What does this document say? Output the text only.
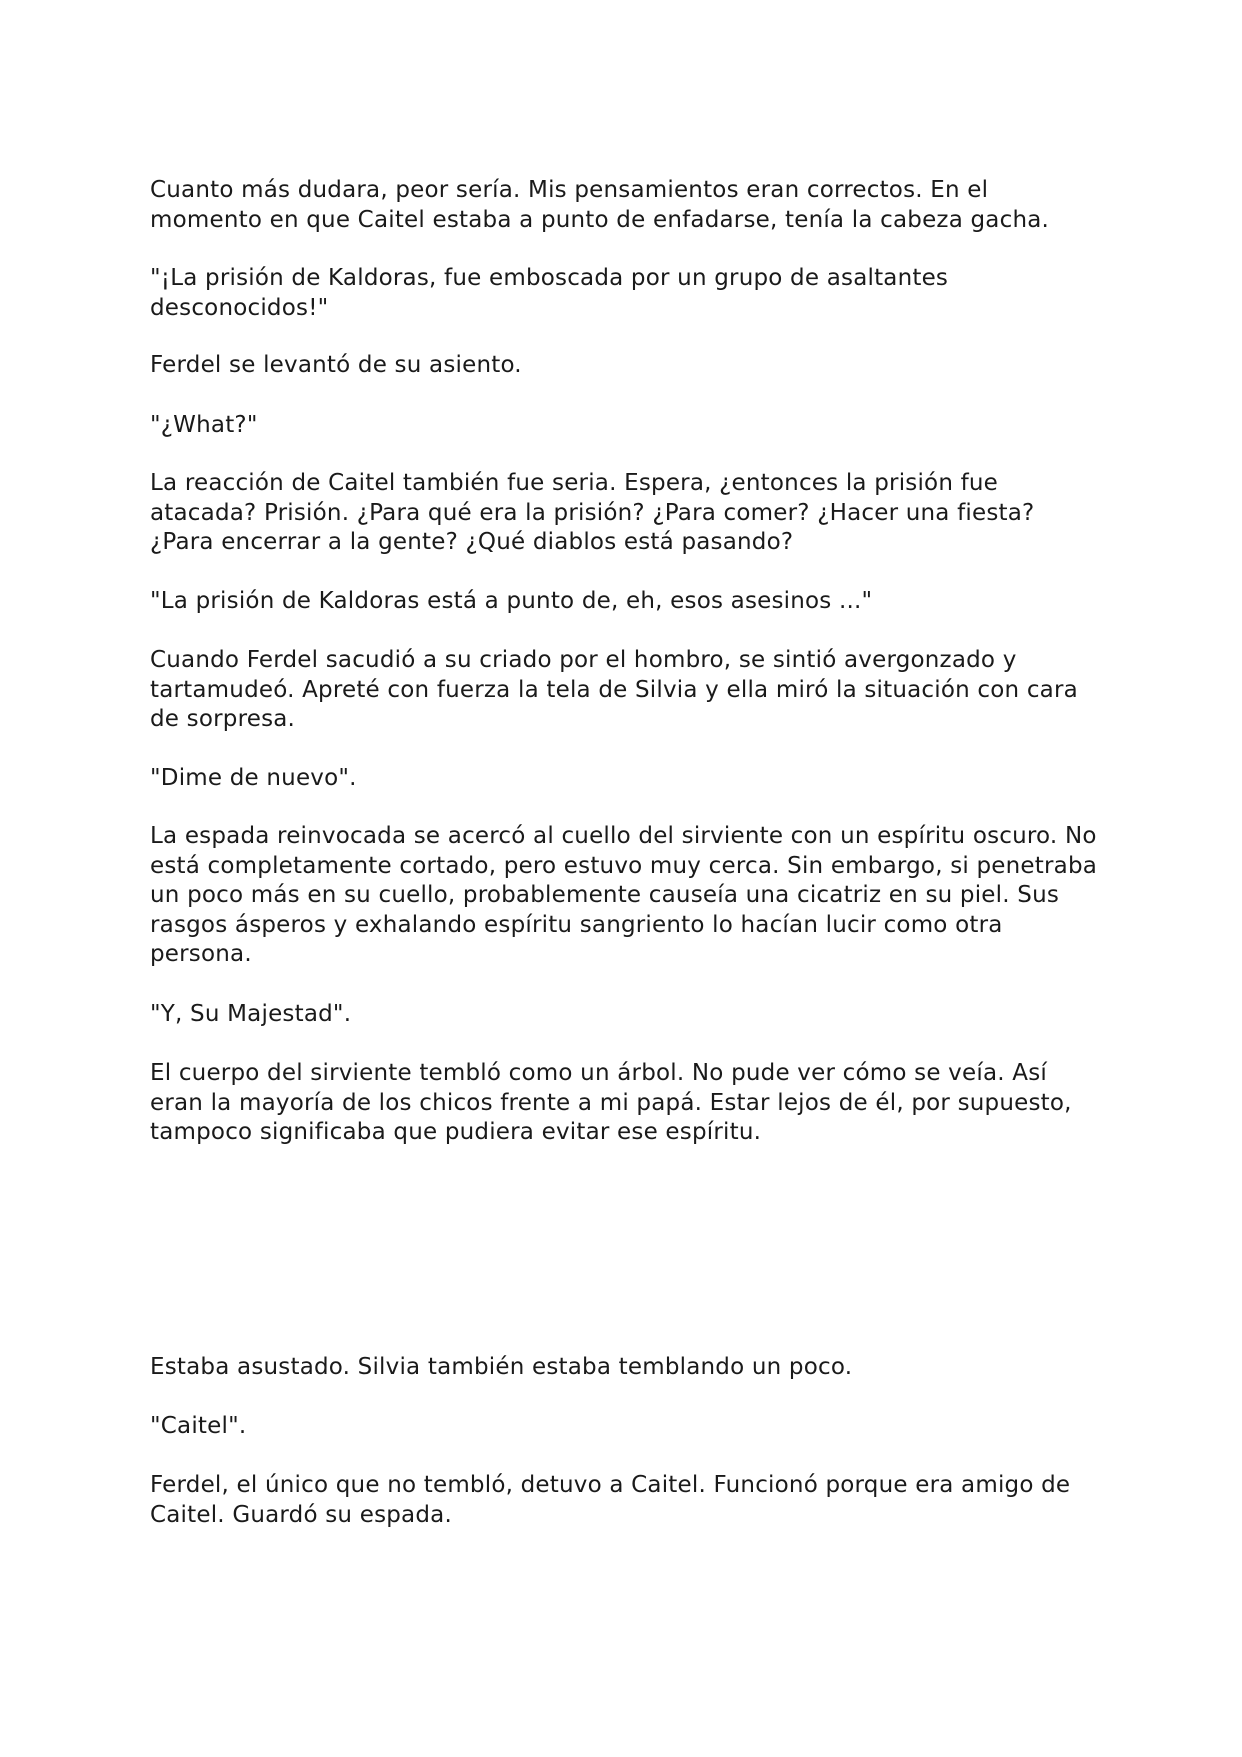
Cuanto más dudara, peor sería. Mis pensamientos eran correctos. En el momento en que Caitel estaba a punto de enfadarse, tenía la cabeza gacha.

"¡La prisión de Kaldoras, fue emboscada por un grupo de asaltantes desconocidos!"

Ferdel se levantó de su asiento.

"¿What?"

La reacción de Caitel también fue seria. Espera, ¿entonces la prisión fue atacada? Prisión. ¿Para qué era la prisión? ¿Para comer? ¿Hacer una fiesta? ¿Para encerrar a la gente? ¿Qué diablos está pasando?

"La prisión de Kaldoras está a punto de, eh, esos asesinos ..."

Cuando Ferdel sacudió a su criado por el hombro, se sintió avergonzado y tartamudeó. Apreté con fuerza la tela de Silvia y ella miró la situación con cara de sorpresa.

"Dime de nuevo".

La espada reinvocada se acercó al cuello del sirviente con un espíritu oscuro. No está completamente cortado, pero estuvo muy cerca. Sin embargo, si penetraba un poco más en su cuello, probablemente causeía una cicatriz en su piel. Sus rasgos ásperos y exhalando espíritu sangriento lo hacían lucir como otra persona.

"Y, Su Majestad".

El cuerpo del sirviente tembló como un árbol. No pude ver cómo se veía. Así eran la mayoría de los chicos frente a mi papá. Estar lejos de él, por supuesto, tampoco significaba que pudiera evitar ese espíritu.

Estaba asustado. Silvia también estaba temblando un poco.

"Caitel".

Ferdel, el único que no tembló, detuvo a Caitel. Funcionó porque era amigo de Caitel. Guardó su espada.
